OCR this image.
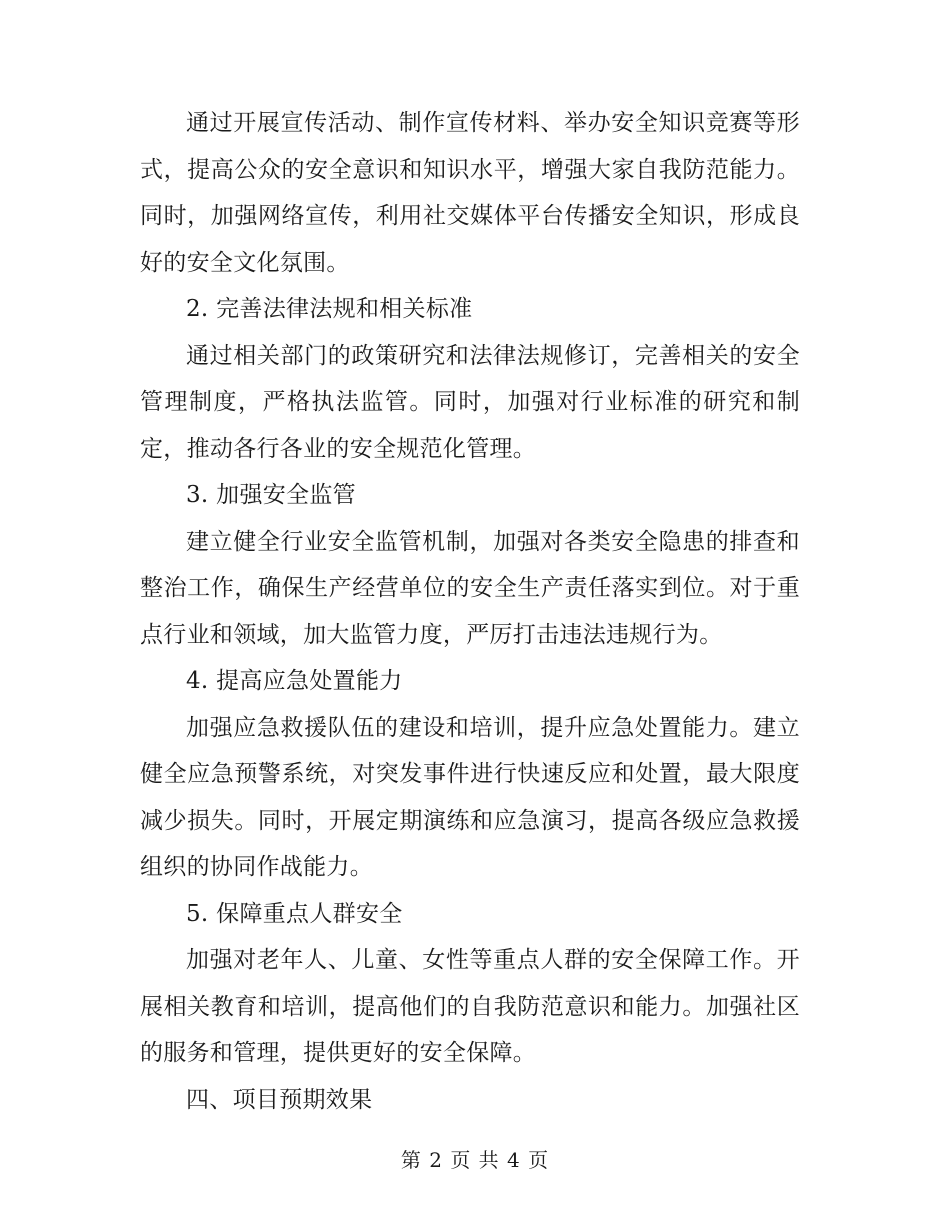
通过开展宣传活动、制作宣传材料、举办安全知识竞赛等形式，提高公众的安全意识和知识水平，增强大家自我防范能力。同时，加强网络宣传，利用社交媒体平台传播安全知识，形成良好的安全文化氛围。

2. 完善法律法规和相关标准

通过相关部门的政策研究和法律法规修订，完善相关的安全管理制度，严格执法监管。同时，加强对行业标准的研究和制定，推动各行各业的安全规范化管理。

3. 加强安全监管

建立健全行业安全监管机制，加强对各类安全隐患的排查和整治工作，确保生产经营单位的安全生产责任落实到位。对于重点行业和领域，加大监管力度，严厉打击违法违规行为。

4. 提高应急处置能力

加强应急救援队伍的建设和培训，提升应急处置能力。建立健全应急预警系统，对突发事件进行快速反应和处置，最大限度减少损失。同时，开展定期演练和应急演习，提高各级应急救援组织的协同作战能力。

5. 保障重点人群安全

加强对老年人、儿童、女性等重点人群的安全保障工作。开展相关教育和培训，提高他们的自我防范意识和能力。加强社区的服务和管理，提供更好的安全保障。

四、项目预期效果

第 2 页 共 4 页
